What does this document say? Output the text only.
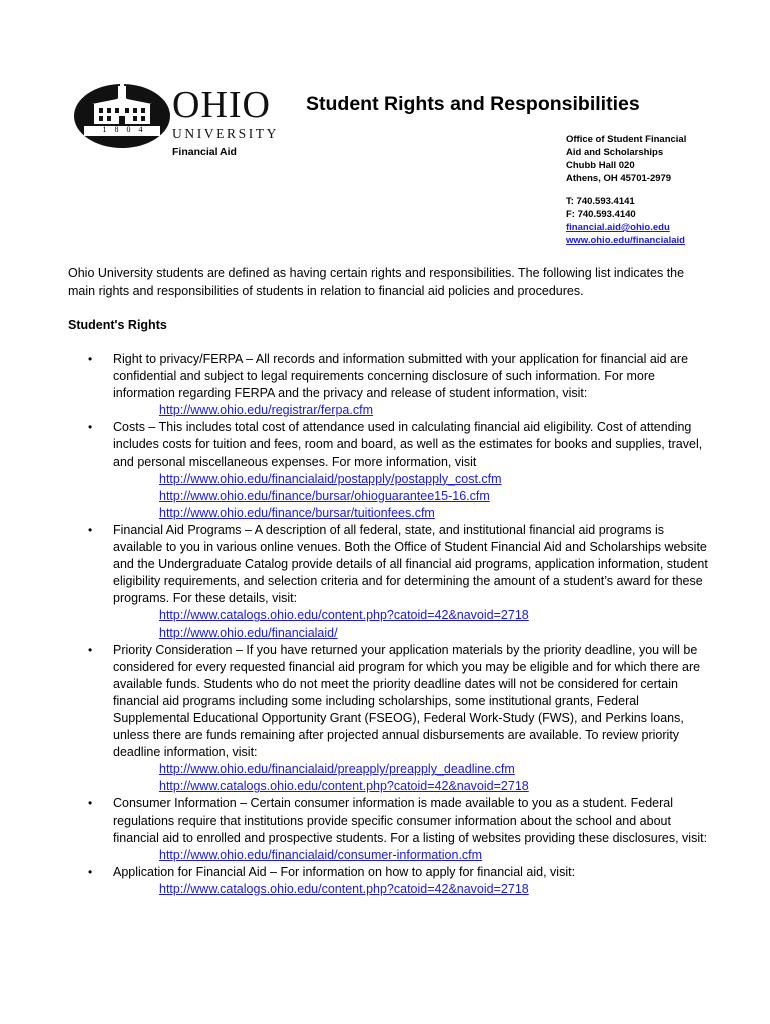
1 8 0 4
OHIO
UNIVERSITY
Financial Aid
Student Rights and Responsibilities
Office of Student Financial
Aid and Scholarships
Chubb Hall 020
Athens, OH 45701-2979
T: 740.593.4141
F: 740.593.4140
financial.aid@ohio.edu
www.ohio.edu/financialaid

Ohio University students are defined as having certain rights and responsibilities. The following list indicates the main rights and responsibilities of students in relation to financial aid policies and procedures.

Student's Rights
• Right to privacy/FERPA – All records and information submitted with your application for financial aid are confidential and subject to legal requirements concerning disclosure of such information. For more information regarding FERPA and the privacy and release of student information, visit:
http://www.ohio.edu/registrar/ferpa.cfm
• Costs – This includes total cost of attendance used in calculating financial aid eligibility. Cost of attending includes costs for tuition and fees, room and board, as well as the estimates for books and supplies, travel, and personal miscellaneous expenses. For more information, visit
http://www.ohio.edu/financialaid/postapply/postapply_cost.cfm
http://www.ohio.edu/finance/bursar/ohioguarantee15-16.cfm
http://www.ohio.edu/finance/bursar/tuitionfees.cfm
• Financial Aid Programs – A description of all federal, state, and institutional financial aid programs is available to you in various online venues. Both the Office of Student Financial Aid and Scholarships website and the Undergraduate Catalog provide details of all financial aid programs, application information, student eligibility requirements, and selection criteria and for determining the amount of a student’s award for these programs. For these details, visit:
http://www.catalogs.ohio.edu/content.php?catoid=42&navoid=2718
http://www.ohio.edu/financialaid/
• Priority Consideration – If you have returned your application materials by the priority deadline, you will be considered for every requested financial aid program for which you may be eligible and for which there are available funds. Students who do not meet the priority deadline dates will not be considered for certain financial aid programs including some including scholarships, some institutional grants, Federal Supplemental Educational Opportunity Grant (FSEOG), Federal Work-Study (FWS), and Perkins loans, unless there are funds remaining after projected annual disbursements are available. To review priority deadline information, visit:
http://www.ohio.edu/financialaid/preapply/preapply_deadline.cfm
http://www.catalogs.ohio.edu/content.php?catoid=42&navoid=2718
• Consumer Information – Certain consumer information is made available to you as a student. Federal regulations require that institutions provide specific consumer information about the school and about financial aid to enrolled and prospective students. For a listing of websites providing these disclosures, visit:
http://www.ohio.edu/financialaid/consumer-information.cfm
• Application for Financial Aid – For information on how to apply for financial aid, visit:
http://www.catalogs.ohio.edu/content.php?catoid=42&navoid=2718
